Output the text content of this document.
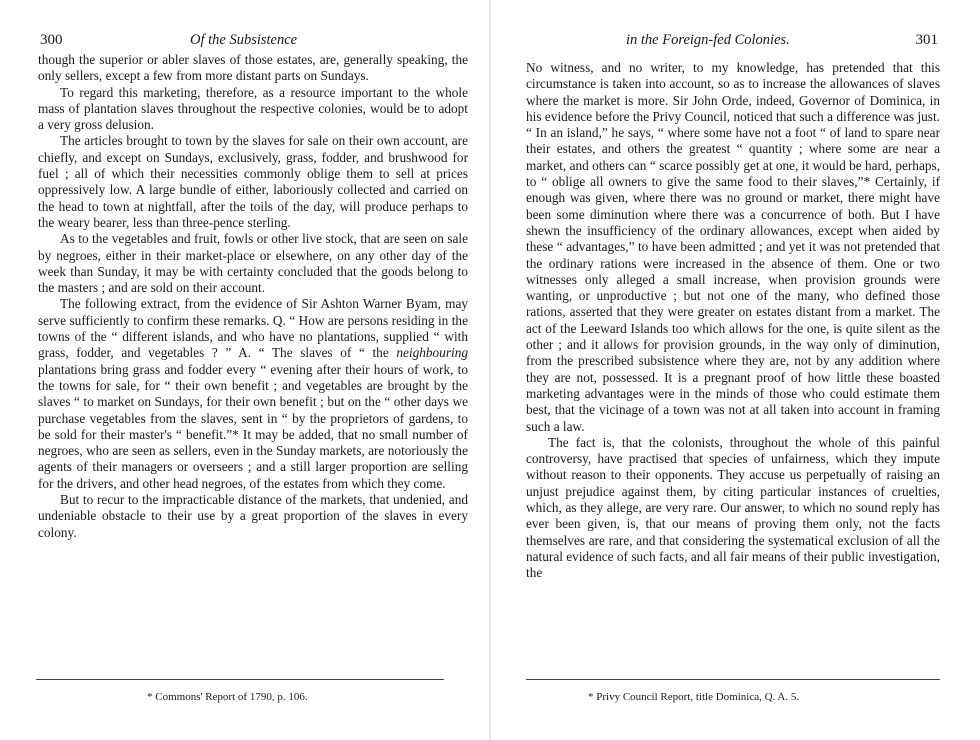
300	Of the Subsistence

though the superior or abler slaves of those estates, are, generally speaking, the only sellers, except a few from more distant parts on Sundays.

To regard this marketing, therefore, as a resource important to the whole mass of plantation slaves throughout the respective colonies, would be to adopt a very gross delusion.

The articles brought to town by the slaves for sale on their own account, are chiefly, and except on Sundays, exclusively, grass, fodder, and brushwood for fuel ; all of which their necessities commonly oblige them to sell at prices oppressively low. A large bundle of either, laboriously collected and carried on the head to town at nightfall, after the toils of the day, will produce perhaps to the weary bearer, less than three-pence sterling.

As to the vegetables and fruit, fowls or other live stock, that are seen on sale by negroes, either in their market-place or elsewhere, on any other day of the week than Sunday, it may be with certainty concluded that the goods belong to the masters ; and are sold on their account.

The following extract, from the evidence of Sir Ashton Warner Byam, may serve sufficiently to confirm these remarks. Q. “ How are persons residing in the towns of the “ different islands, and who have no plantations, supplied “ with grass, fodder, and vegetables ? ” A. “ The slaves of “ the neighbouring plantations bring grass and fodder every “ evening after their hours of work, to the towns for sale, for “ their own benefit ; and vegetables are brought by the slaves “ to market on Sundays, for their own benefit ; but on the “ other days we purchase vegetables from the slaves, sent in “ by the proprietors of gardens, to be sold for their master's “ benefit.”* It may be added, that no small number of negroes, who are seen as sellers, even in the Sunday markets, are notoriously the agents of their managers or overseers ; and a still larger proportion are selling for the drivers, and other head negroes, of the estates from which they come.

But to recur to the impracticable distance of the markets, that undenied, and undeniable obstacle to their use by a great proportion of the slaves in every colony.

* Commons' Report of 1790, p. 106.
in the Foreign-fed Colonies.	301

No witness, and no writer, to my knowledge, has pretended that this circumstance is taken into account, so as to increase the allowances of slaves where the market is more. Sir John Orde, indeed, Governor of Dominica, in his evidence before the Privy Council, noticed that such a difference was just. “ In an island,” he says, “ where some have not a foot “ of land to spare near their estates, and others the greatest “ quantity ; where some are near a market, and others can “ scarce possibly get at one, it would be hard, perhaps, to “ oblige all owners to give the same food to their slaves,”* Certainly, if enough was given, where there was no ground or market, there might have been some diminution where there was a concurrence of both. But I have shewn the insufficiency of the ordinary allowances, except when aided by these “ advantages,” to have been admitted ; and yet it was not pretended that the ordinary rations were increased in the absence of them. One or two witnesses only alleged a small increase, when provision grounds were wanting, or unproductive ; but not one of the many, who defined those rations, asserted that they were greater on estates distant from a market. The act of the Leeward Islands too which allows for the one, is quite silent as the other ; and it allows for provision grounds, in the way only of diminution, from the prescribed subsistence where they are, not by any addition where they are not, possessed. It is a pregnant proof of how little these boasted marketing advantages were in the minds of those who could estimate them best, that the vicinage of a town was not at all taken into account in framing such a law.

The fact is, that the colonists, throughout the whole of this painful controversy, have practised that species of unfairness, which they impute without reason to their opponents. They accuse us perpetually of raising an unjust prejudice against them, by citing particular instances of cruelties, which, as they allege, are very rare. Our answer, to which no sound reply has ever been given, is, that our means of proving them only, not the facts themselves are rare, and that considering the systematical exclusion of all the natural evidence of such facts, and all fair means of their public investigation, the

* Privy Council Report, title Dominica, Q. A. 5.
